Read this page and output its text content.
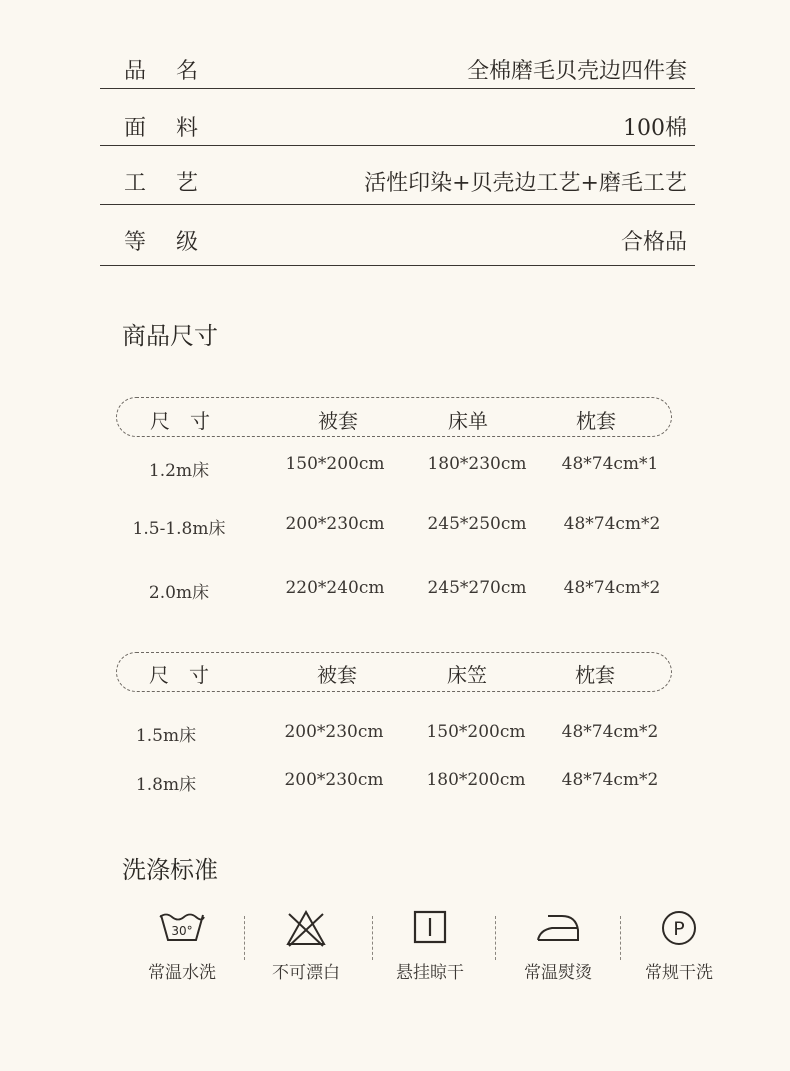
品 名	全棉磨毛贝壳边四件套
面 料	100棉
工 艺	活性印染+贝壳边工艺+磨毛工艺
等 级	合格品
商品尺寸
尺　寸	被套	床单	枕套
1.2m床	150*200cm	180*230cm 48*74cm*1
1.5-1.8m床	200*230cm	245*250cm 48*74cm*2
2.0m床	220*240cm	245*270cm 48*74cm*2
尺　寸	被套	床笠	枕套
1.5m床	200*230cm	150*200cm 48*74cm*2
1.8m床	200*230cm	180*200cm 48*74cm*2
洗涤标准
30°
常温水洗	不可漂白	悬挂晾干	常温熨烫
P
常规干洗
